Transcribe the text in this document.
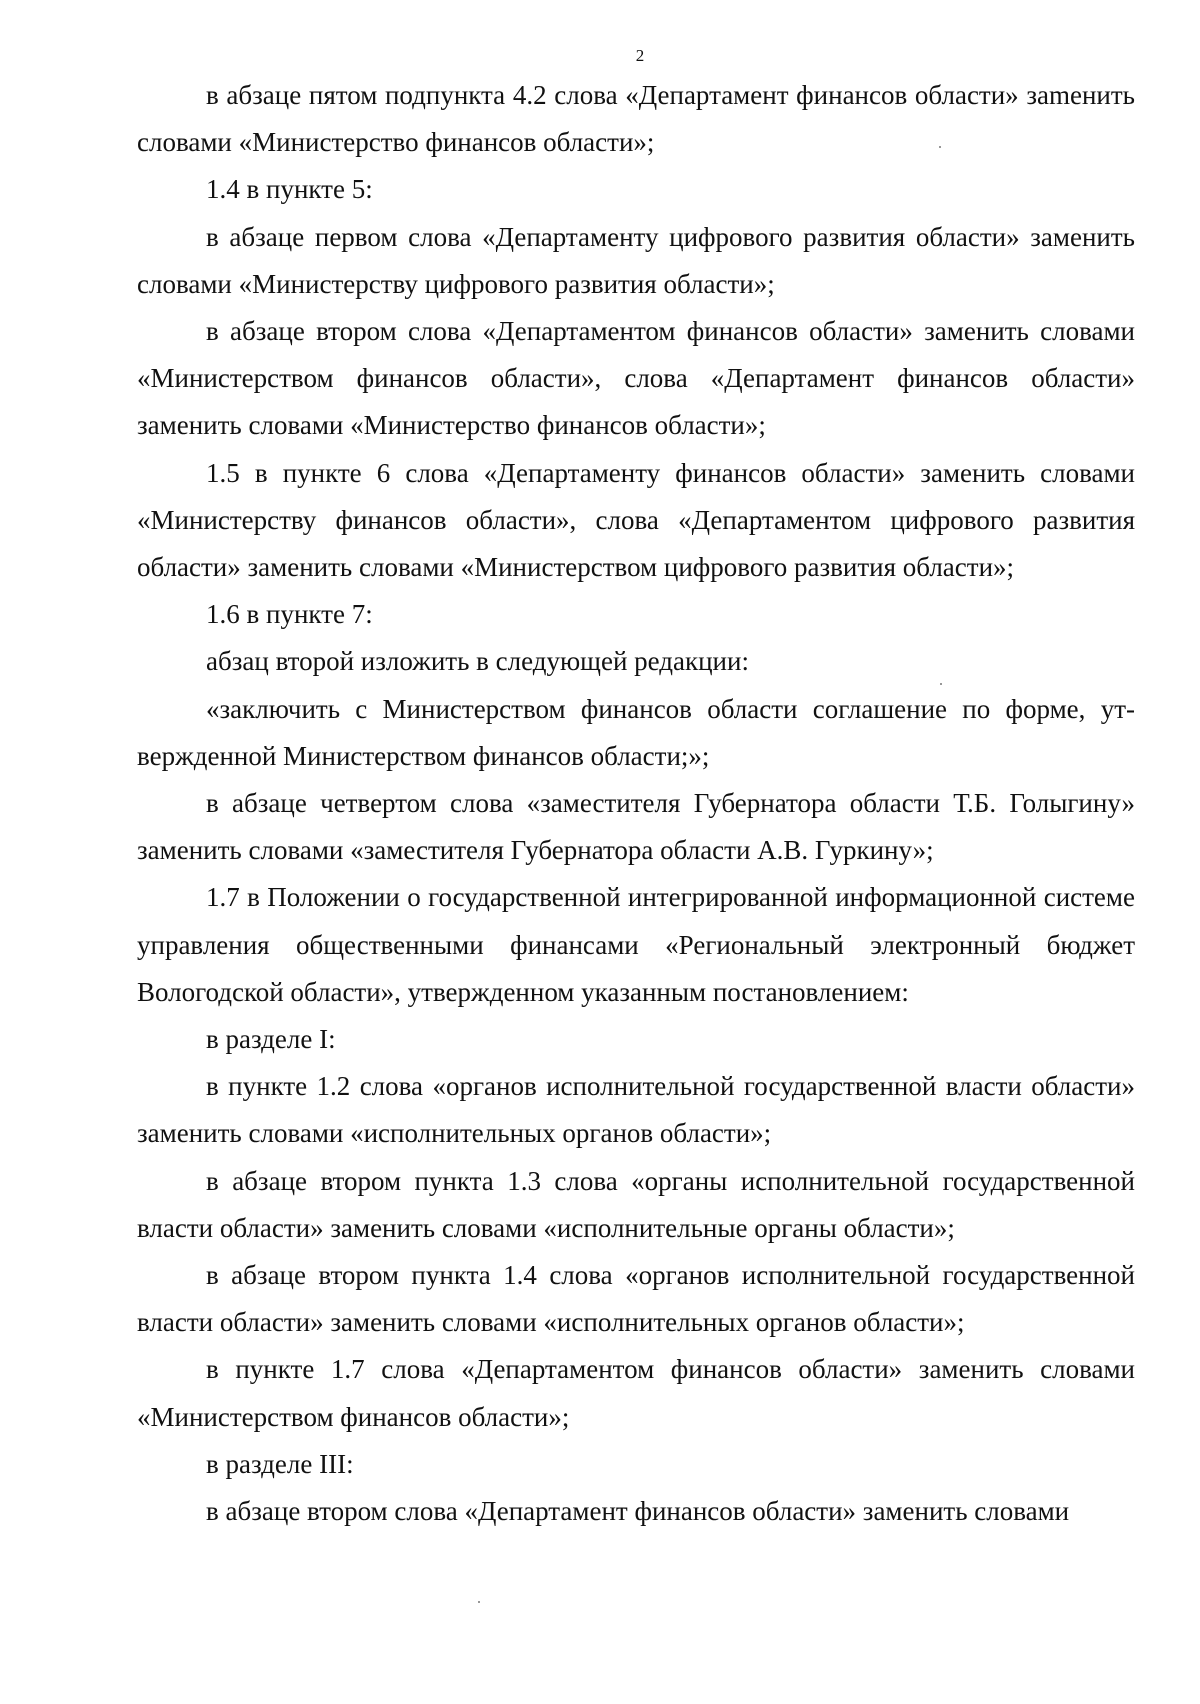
2

в абзаце пятом подпункта 4.2 слова «Департамент финансов области» заmенить словами «Министерство финансов области»;

1.4 в пункте 5:

в абзаце первом слова «Департаменту цифрового развития области» заменить словами «Министерству цифрового развития области»;

в абзаце втором слова «Департаментом финансов области» заменить словами «Министерством финансов области», слова «Департамент финансов области» заменить словами «Министерство финансов области»;

1.5 в пункте 6 слова «Департаменту финансов области» заменить словами «Министерству финансов области», слова «Департаментом цифрового развития области» заменить словами «Министерством цифрового развития области»;

1.6 в пункте 7:

абзац второй изложить в следующей редакции:

«заключить с Министерством финансов области соглашение по форме, утвержденной Министерством финансов области;»;

в абзаце четвертом слова «заместителя Губернатора области Т.Б. Голыгину» заменить словами «заместителя Губернатора области А.В. Гуркину»;

1.7 в Положении о государственной интегрированной информационной системе управления общественными финансами «Региональный электронный бюджет Вологодской области», утвержденном указанным постановлением:

в разделе I:

в пункте 1.2 слова «органов исполнительной государственной власти области» заменить словами «исполнительных органов области»;

в абзаце втором пункта 1.3 слова «органы исполнительной государственной власти области» заменить словами «исполнительные органы области»;

в абзаце втором пункта 1.4 слова «органов исполнительной государственной власти области» заменить словами «исполнительных органов области»;

в пункте 1.7 слова «Департаментом финансов области» заменить словами «Министерством финансов области»;

в разделе III:

в абзаце втором слова «Департамент финансов области» заменить словами
